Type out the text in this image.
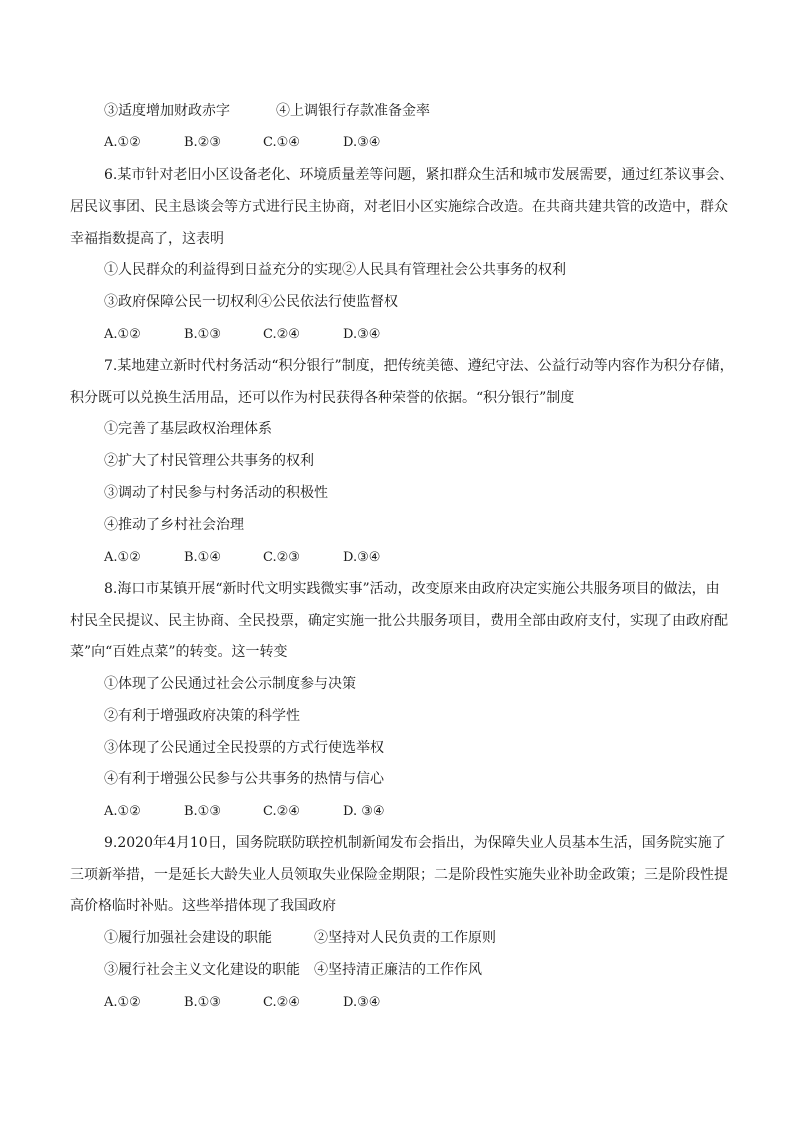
③适度增加财政赤字	④上调银行存款准备金率
A.①②	B.②③	C.①④	D.③④
6.某市针对老旧小区设备老化、环境质量差等问题，紧扣群众生活和城市发展需要，通过红茶议事会、
居民议事团、民主恳谈会等方式进行民主协商，对老旧小区实施综合改造。在共商共建共管的改造中，群众
幸福指数提高了，这表明
①人民群众的利益得到日益充分的实现②人民具有管理社会公共事务的权利
③政府保障公民一切权利④公民依法行使监督权
A.①②	B.①③	C.②④	D.③④
7.某地建立新时代村务活动“积分银行”制度，把传统美德、遵纪守法、公益行动等内容作为积分存储，
积分既可以兑换生活用品，还可以作为村民获得各种荣誉的依据。“积分银行”制度
①完善了基层政权治理体系
②扩大了村民管理公共事务的权利
③调动了村民参与村务活动的积极性
④推动了乡村社会治理
A.①②	B.①④	C.②③	D.③④
8.海口市某镇开展“新时代文明实践微实事”活动，改变原来由政府决定实施公共服务项目的做法，由
村民全民提议、民主协商、全民投票，确定实施一批公共服务项目，费用全部由政府支付，实现了由政府配
菜”向“百姓点菜”的转变。这一转变
①体现了公民通过社会公示制度参与决策
②有利于增强政府决策的科学性
③体现了公民通过全民投票的方式行使选举权
④有利于增强公民参与公共事务的热情与信心
A.①②	B.①③	C.②④	D. ③④
9.2020年4月10日，国务院联防联控机制新闻发布会指出，为保障失业人员基本生活，国务院实施了
三项新举措，一是延长大龄失业人员领取失业保险金期限；二是阶段性实施失业补助金政策；三是阶段性提
高价格临时补贴。这些举措体现了我国政府
①履行加强社会建设的职能	②坚持对人民负责的工作原则
③履行社会主义文化建设的职能 ④坚持清正廉洁的工作作风
A.①②	B.①③	C.②④	D.③④
